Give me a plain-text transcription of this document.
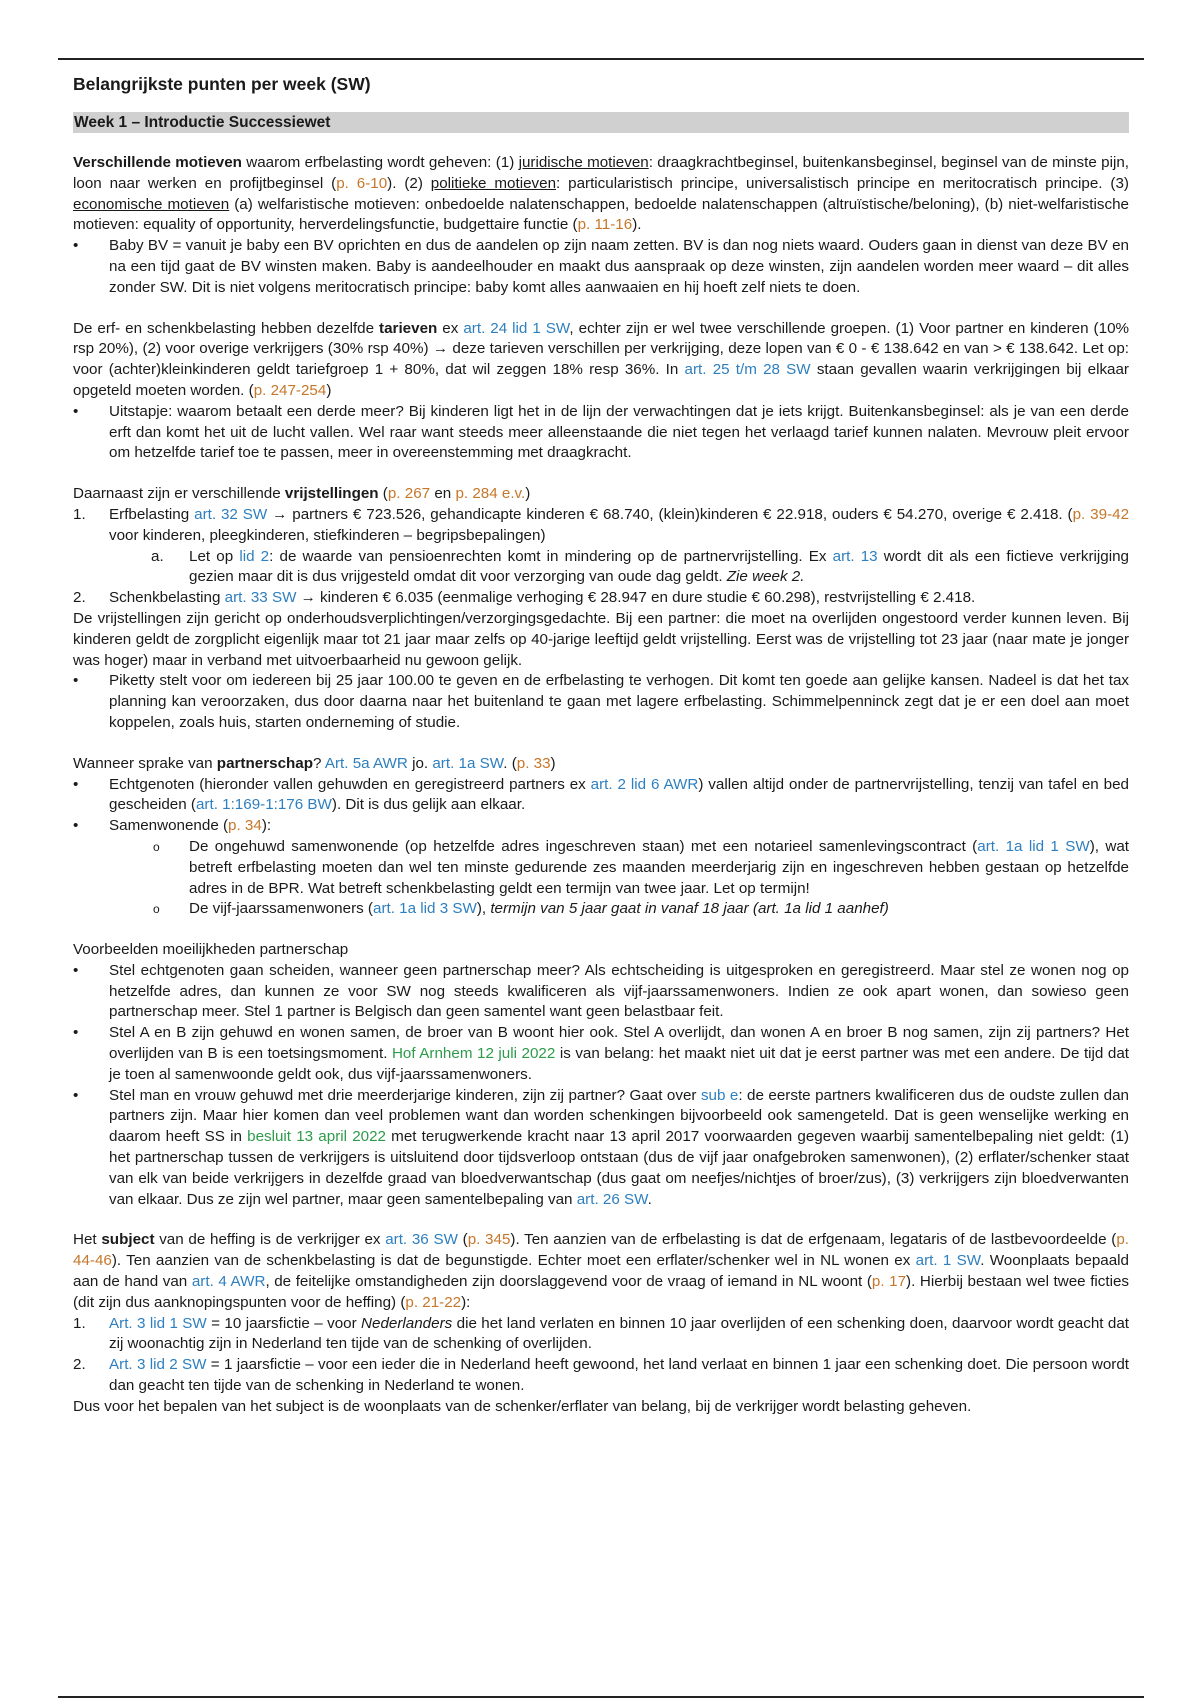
Belangrijkste punten per week (SW)
Week 1 – Introductie Successiewet

Verschillende motieven waarom erfbelasting wordt geheven: (1) juridische motieven: draagkrachtbeginsel, buitenkansbeginsel, beginsel van de minste pijn, loon naar werken en profijtbeginsel (p. 6-10). (2) politieke motieven: particularistisch principe, universalistisch principe en meritocratisch principe. (3) economische motieven (a) welfaristische motieven: onbedoelde nalatenschappen, bedoelde nalatenschappen (altruïstische/beloning), (b) niet-welfaristische motieven: equality of opportunity, herverdelingsfunctie, budgettaire functie (p. 11-16).

• Baby BV = vanuit je baby een BV oprichten en dus de aandelen op zijn naam zetten. BV is dan nog niets waard. Ouders gaan in dienst van deze BV en na een tijd gaat de BV winsten maken. Baby is aandeelhouder en maakt dus aanspraak op deze winsten, zijn aandelen worden meer waard – dit alles zonder SW. Dit is niet volgens meritocratisch principe: baby komt alles aanwaaien en hij hoeft zelf niets te doen.

De erf- en schenkbelasting hebben dezelfde tarieven ex art. 24 lid 1 SW, echter zijn er wel twee verschillende groepen. (1) Voor partner en kinderen (10% rsp 20%), (2) voor overige verkrijgers (30% rsp 40%) → deze tarieven verschillen per verkrijging, deze lopen van € 0 - € 138.642 en van > € 138.642. Let op: voor (achter)kleinkinderen geldt tariefgroep 1 + 80%, dat wil zeggen 18% resp 36%. In art. 25 t/m 28 SW staan gevallen waarin verkrijgingen bij elkaar opgeteld moeten worden. (p. 247-254)

• Uitstapje: waarom betaalt een derde meer? Bij kinderen ligt het in de lijn der verwachtingen dat je iets krijgt. Buitenkansbeginsel: als je van een derde erft dan komt het uit de lucht vallen. Wel raar want steeds meer alleenstaande die niet tegen het verlaagd tarief kunnen nalaten. Mevrouw pleit ervoor om hetzelfde tarief toe te passen, meer in overeenstemming met draagkracht.

Daarnaast zijn er verschillende vrijstellingen (p. 267 en p. 284 e.v.)

1. Erfbelasting art. 32 SW → partners € 723.526, gehandicapte kinderen € 68.740, (klein)kinderen € 22.918, ouders € 54.270, overige € 2.418. (p. 39-42 voor kinderen, pleegkinderen, stiefkinderen – begripsbepalingen)
a. Let op lid 2: de waarde van pensioenrechten komt in mindering op de partnervrijstelling. Ex art. 13 wordt dit als een fictieve verkrijging gezien maar dit is dus vrijgesteld omdat dit voor verzorging van oude dag geldt. Zie week 2.
2. Schenkbelasting art. 33 SW → kinderen € 6.035 (eenmalige verhoging € 28.947 en dure studie € 60.298), restvrijstelling € 2.418.

De vrijstellingen zijn gericht op onderhoudsverplichtingen/verzorgingsgedachte. Bij een partner: die moet na overlijden ongestoord verder kunnen leven. Bij kinderen geldt de zorgplicht eigenlijk maar tot 21 jaar maar zelfs op 40-jarige leeftijd geldt vrijstelling. Eerst was de vrijstelling tot 23 jaar (naar mate je jonger was hoger) maar in verband met uitvoerbaarheid nu gewoon gelijk.

• Piketty stelt voor om iedereen bij 25 jaar 100.00 te geven en de erfbelasting te verhogen. Dit komt ten goede aan gelijke kansen. Nadeel is dat het tax planning kan veroorzaken, dus door daarna naar het buitenland te gaan met lagere erfbelasting. Schimmelpenninck zegt dat je er een doel aan moet koppelen, zoals huis, starten onderneming of studie.

Wanneer sprake van partnerschap? Art. 5a AWR jo. art. 1a SW. (p. 33)

• Echtgenoten (hieronder vallen gehuwden en geregistreerd partners ex art. 2 lid 6 AWR) vallen altijd onder de partnervrijstelling, tenzij van tafel en bed gescheiden (art. 1:169-1:176 BW). Dit is dus gelijk aan elkaar.
• Samenwonende (p. 34):
o De ongehuwd samenwonende (op hetzelfde adres ingeschreven staan) met een notarieel samenlevingscontract (art. 1a lid 1 SW), wat betreft erfbelasting moeten dan wel ten minste gedurende zes maanden meerderjarig zijn en ingeschreven hebben gestaan op hetzelfde adres in de BPR. Wat betreft schenkbelasting geldt een termijn van twee jaar. Let op termijn!
o De vijf-jaarssamenwoners (art. 1a lid 3 SW), termijn van 5 jaar gaat in vanaf 18 jaar (art. 1a lid 1 aanhef)

Voorbeelden moeilijkheden partnerschap

• Stel echtgenoten gaan scheiden, wanneer geen partnerschap meer? Als echtscheiding is uitgesproken en geregistreerd. Maar stel ze wonen nog op hetzelfde adres, dan kunnen ze voor SW nog steeds kwalificeren als vijf-jaarssamenwoners. Indien ze ook apart wonen, dan sowieso geen partnerschap meer. Stel 1 partner is Belgisch dan geen samentel want geen belastbaar feit.
• Stel A en B zijn gehuwd en wonen samen, de broer van B woont hier ook. Stel A overlijdt, dan wonen A en broer B nog samen, zijn zij partners? Het overlijden van B is een toetsingsmoment. Hof Arnhem 12 juli 2022 is van belang: het maakt niet uit dat je eerst partner was met een andere. De tijd dat je toen al samenwoonde geldt ook, dus vijf-jaarssamenwoners.
• Stel man en vrouw gehuwd met drie meerderjarige kinderen, zijn zij partner? Gaat over sub e: de eerste partners kwalificeren dus de oudste zullen dan partners zijn. Maar hier komen dan veel problemen want dan worden schenkingen bijvoorbeeld ook samengeteld. Dat is geen wenselijke werking en daarom heeft SS in besluit 13 april 2022 met terugwerkende kracht naar 13 april 2017 voorwaarden gegeven waarbij samentelbepaling niet geldt: (1) het partnerschap tussen de verkrijgers is uitsluitend door tijdsverloop ontstaan (dus de vijf jaar onafgebroken samenwonen), (2) erflater/schenker staat van elk van beide verkrijgers in dezelfde graad van bloedverwantschap (dus gaat om neefjes/nichtjes of broer/zus), (3) verkrijgers zijn bloedverwanten van elkaar. Dus ze zijn wel partner, maar geen samentelbepaling van art. 26 SW.

Het subject van de heffing is de verkrijger ex art. 36 SW (p. 345). Ten aanzien van de erfbelasting is dat de erfgenaam, legataris of de lastbevoordeelde (p. 44-46). Ten aanzien van de schenkbelasting is dat de begunstigde. Echter moet een erflater/schenker wel in NL wonen ex art. 1 SW. Woonplaats bepaald aan de hand van art. 4 AWR, de feitelijke omstandigheden zijn doorslaggevend voor de vraag of iemand in NL woont (p. 17). Hierbij bestaan wel twee ficties (dit zijn dus aanknopingspunten voor de heffing) (p. 21-22):

1. Art. 3 lid 1 SW = 10 jaarsfictie – voor Nederlanders die het land verlaten en binnen 10 jaar overlijden of een schenking doen, daarvoor wordt geacht dat zij woonachtig zijn in Nederland ten tijde van de schenking of overlijden.
2. Art. 3 lid 2 SW = 1 jaarsfictie – voor een ieder die in Nederland heeft gewoond, het land verlaat en binnen 1 jaar een schenking doet. Die persoon wordt dan geacht ten tijde van de schenking in Nederland te wonen.

Dus voor het bepalen van het subject is de woonplaats van de schenker/erflater van belang, bij de verkrijger wordt belasting geheven.
